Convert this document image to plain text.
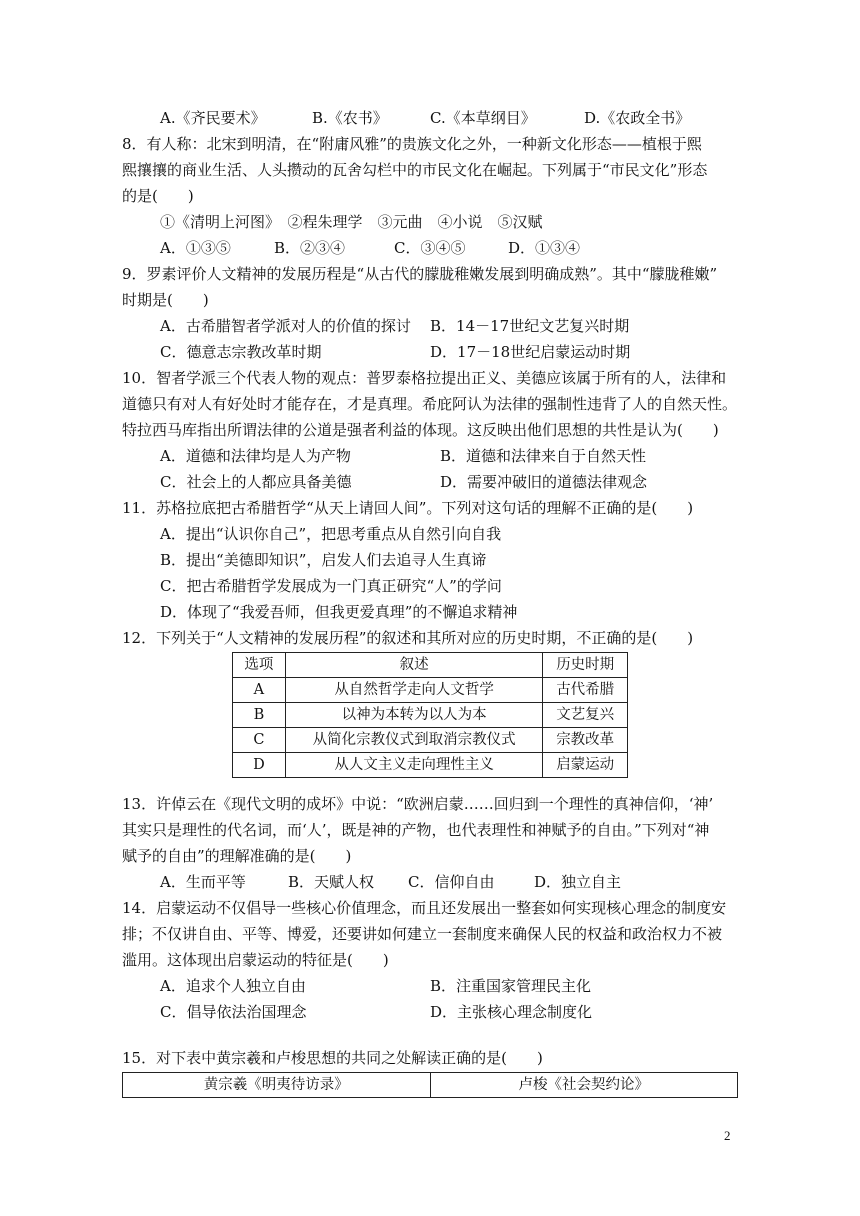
A.《齐民要术》	B.《农书》	C.《本草纲目》	D.《农政全书》
8．有人称：北宋到明清，在“附庸风雅”的贵族文化之外，一种新文化形态——植根于熙
熙攘攘的商业生活、人头攒动的瓦舍勾栏中的市民文化在崛起。下列属于“市民文化”形态
的是(　　)
①《清明上河图》　②程朱理学　③元曲　④小说　⑤汉赋
A．①③⑤	B．②③④	C．③④⑤	D．①③④
9．罗素评价人文精神的发展历程是“从古代的朦胧稚嫩发展到明确成熟”。其中“朦胧稚嫩”
时期是(　　)
A．古希腊智者学派对人的价值的探讨 B．14－17世纪文艺复兴时期
C．德意志宗教改革时期	D．17－18世纪启蒙运动时期
10．智者学派三个代表人物的观点：普罗泰格拉提出正义、美德应该属于所有的人，法律和
道德只有对人有好处时才能存在，才是真理。希庇阿认为法律的强制性违背了人的自然天性。
特拉西马库指出所谓法律的公道是强者利益的体现。这反映出他们思想的共性是认为(　　)
A．道德和法律均是人为产物	B．道德和法律来自于自然天性
C．社会上的人都应具备美德	D．需要冲破旧的道德法律观念
11．苏格拉底把古希腊哲学“从天上请回人间”。下列对这句话的理解不正确的是(　　)
A．提出“认识你自己”，把思考重点从自然引向自我
B．提出“美德即知识”，启发人们去追寻人生真谛
C．把古希腊哲学发展成为一门真正研究“人”的学问
D．体现了“我爱吾师，但我更爱真理”的不懈追求精神
12．下列关于“人文精神的发展历程”的叙述和其所对应的历史时期，不正确的是(　　)
选项	叙述	历史时期
A	从自然哲学走向人文哲学	古代希腊
B	以神为本转为以人为本	文艺复兴
C	从简化宗教仪式到取消宗教仪式	宗教改革
D	从人文主义走向理性主义	启蒙运动
13．许倬云在《现代文明的成坏》中说：“欧洲启蒙……回归到一个理性的真神信仰，‘神’
其实只是理性的代名词，而‘人’，既是神的产物，也代表理性和神赋予的自由。”下列对“神
赋予的自由”的理解准确的是(　　)
A．生而平等	B．天赋人权 C．信仰自由	D．独立自主
14．启蒙运动不仅倡导一些核心价值理念，而且还发展出一整套如何实现核心理念的制度安
排；不仅讲自由、平等、博爱，还要讲如何建立一套制度来确保人民的权益和政治权力不被
滥用。这体现出启蒙运动的特征是(　　)
A．追求个人独立自由	B．注重国家管理民主化
C．倡导依法治国理念	D．主张核心理念制度化
15．对下表中黄宗羲和卢梭思想的共同之处解读正确的是(　　)
黄宗羲《明夷待访录》	卢梭《社会契约论》
2
